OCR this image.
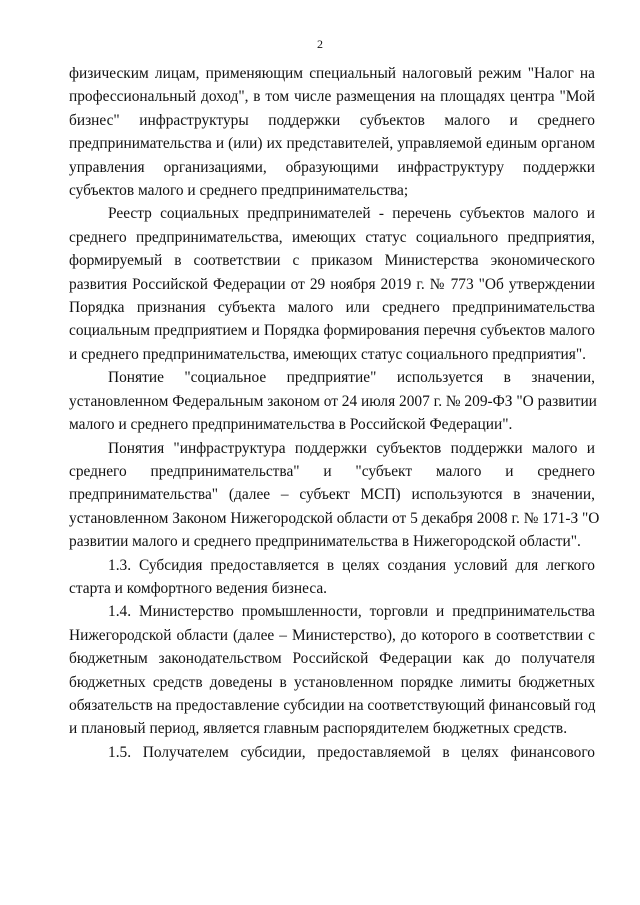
2

физическим лицам, применяющим специальный налоговый режим "Налог на
профессиональный доход", в том числе размещения на площадях центра "Мой
бизнес" инфраструктуры поддержки субъектов малого и среднего
предпринимательства и (или) их представителей, управляемой единым органом
управления организациями, образующими инфраструктуру поддержки
субъектов малого и среднего предпринимательства;

Реестр социальных предпринимателей - перечень субъектов малого и
среднего предпринимательства, имеющих статус социального предприятия,
формируемый в соответствии с приказом Министерства экономического
развития Российской Федерации от 29 ноября 2019 г. № 773 "Об утверждении
Порядка признания субъекта малого или среднего предпринимательства
социальным предприятием и Порядка формирования перечня субъектов малого
и среднего предпринимательства, имеющих статус социального предприятия".

Понятие "социальное предприятие" используется в значении,
установленном Федеральным законом от 24 июля 2007 г. № 209-ФЗ "О развитии
малого и среднего предпринимательства в Российской Федерации".

Понятия "инфраструктура поддержки субъектов поддержки малого и
среднего предпринимательства" и "субъект малого и среднего
предпринимательства" (далее – субъект МСП) используются в значении,
установленном Законом Нижегородской области от 5 декабря 2008 г. № 171-З "О
развитии малого и среднего предпринимательства в Нижегородской области".

1.3. Субсидия предоставляется в целях создания условий для легкого
старта и комфортного ведения бизнеса.

1.4. Министерство промышленности, торговли и предпринимательства
Нижегородской области (далее – Министерство), до которого в соответствии с
бюджетным законодательством Российской Федерации как до получателя
бюджетных средств доведены в установленном порядке лимиты бюджетных
обязательств на предоставление субсидии на соответствующий финансовый год
и плановый период, является главным распорядителем бюджетных средств.

1.5. Получателем субсидии, предоставляемой в целях финансового
